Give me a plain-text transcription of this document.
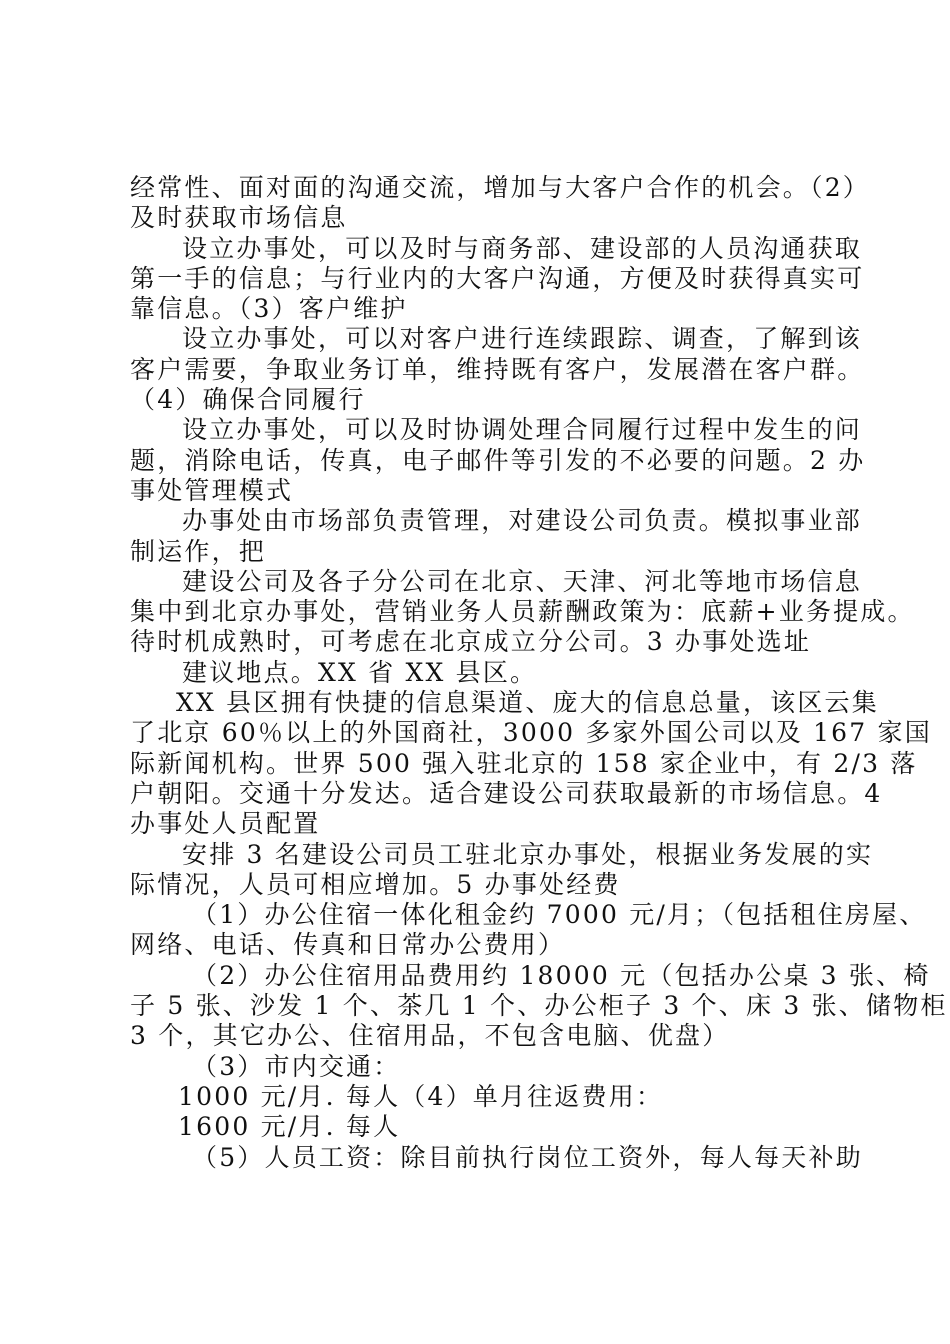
经常性、面对面的沟通交流，增加与大客户合作的机会。（2）
及时获取市场信息
设立办事处，可以及时与商务部、建设部的人员沟通获取
第一手的信息；与行业内的大客户沟通，方便及时获得真实可
靠信息。（3）客户维护
设立办事处，可以对客户进行连续跟踪、调查，了解到该
客户需要，争取业务订单，维持既有客户，发展潜在客户群。
（4）确保合同履行
设立办事处，可以及时协调处理合同履行过程中发生的问
题，消除电话，传真，电子邮件等引发的不必要的问题。2 办
事处管理模式
办事处由市场部负责管理，对建设公司负责。模拟事业部
制运作，把
建设公司及各子分公司在北京、天津、河北等地市场信息
集中到北京办事处，营销业务人员薪酬政策为：底薪+业务提成。
待时机成熟时，可考虑在北京成立分公司。3 办事处选址
建议地点。XX 省 XX 县区。
XX 县区拥有快捷的信息渠道、庞大的信息总量，该区云集
了北京 60％以上的外国商社，3000 多家外国公司以及 167 家国
际新闻机构。世界 500 强入驻北京的 158 家企业中，有 2/3 落
户朝阳。交通十分发达。适合建设公司获取最新的市场信息。4
办事处人员配置
安排 3 名建设公司员工驻北京办事处，根据业务发展的实
际情况，人员可相应增加。5 办事处经费
（1）办公住宿一体化租金约 7000 元/月；（包括租住房屋、
网络、电话、传真和日常办公费用）
（2）办公住宿用品费用约 18000 元（包括办公桌 3 张、椅
子 5 张、沙发 1 个、茶几 1 个、办公柜子 3 个、床 3 张、储物柜
3 个，其它办公、住宿用品，不包含电脑、优盘）
（3）市内交通：
1000 元/月. 每人（4）单月往返费用：
1600 元/月. 每人
（5）人员工资：除目前执行岗位工资外，每人每天补助
